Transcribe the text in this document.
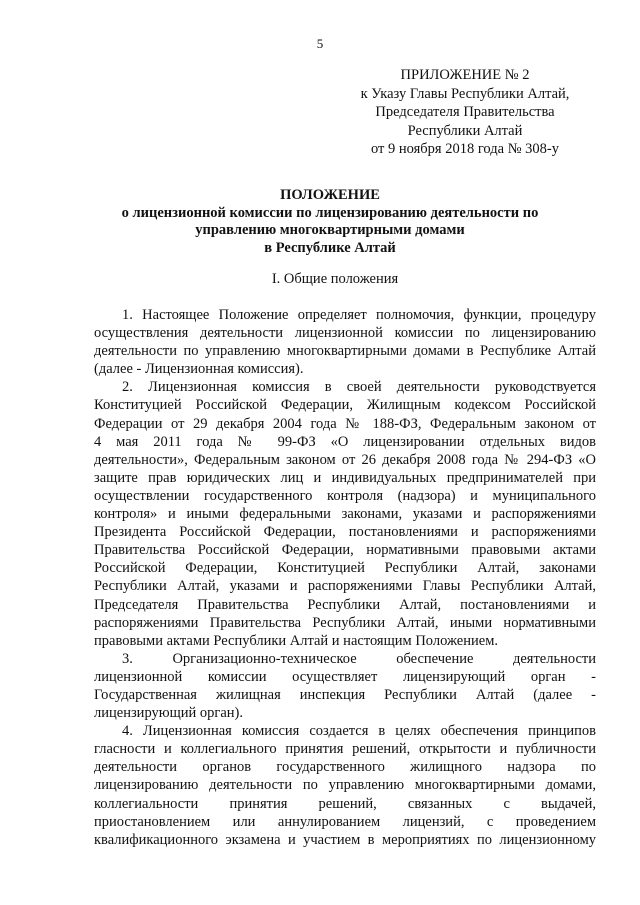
5
ПРИЛОЖЕНИЕ № 2
к Указу Главы Республики Алтай,
Председателя Правительства
Республики Алтай
от 9 ноября 2018 года № 308-у
ПОЛОЖЕНИЕ
о лицензионной комиссии по лицензированию деятельности по
управлению многоквартирными домами
в Республике Алтай
I. Общие положения
1. Настоящее Положение определяет полномочия, функции, процедуру
осуществления деятельности лицензионной комиссии по лицензированию
деятельности по управлению многоквартирными домами в Республике Алтай
(далее - Лицензионная комиссия).
2. Лицензионная комиссия в своей деятельности руководствуется
Конституцией Российской Федерации, Жилищным кодексом Российской
Федерации от 29 декабря 2004 года № 188-ФЗ, Федеральным законом от
4 мая 2011 года № 99-ФЗ «О лицензировании отдельных видов
деятельности», Федеральным законом от 26 декабря 2008 года № 294-ФЗ «О
защите прав юридических лиц и индивидуальных предпринимателей при
осуществлении государственного контроля (надзора) и муниципального
контроля» и иными федеральными законами, указами и распоряжениями
Президента Российской Федерации, постановлениями и распоряжениями
Правительства Российской Федерации, нормативными правовыми актами
Российской Федерации, Конституцией Республики Алтай, законами
Республики Алтай, указами и распоряжениями Главы Республики Алтай,
Председателя Правительства Республики Алтай, постановлениями и
распоряжениями Правительства Республики Алтай, иными нормативными
правовыми актами Республики Алтай и настоящим Положением.
3. Организационно-техническое обеспечение деятельности
лицензионной комиссии осуществляет лицензирующий орган -
Государственная жилищная инспекция Республики Алтай (далее -
лицензирующий орган).
4. Лицензионная комиссия создается в целях обеспечения принципов
гласности и коллегиального принятия решений, открытости и публичности
деятельности органов государственного жилищного надзора по
лицензированию деятельности по управлению многоквартирными домами,
коллегиальности принятия решений, связанных с выдачей,
приостановлением или аннулированием лицензий, с проведением
квалификационного экзамена и участием в мероприятиях по лицензионному
